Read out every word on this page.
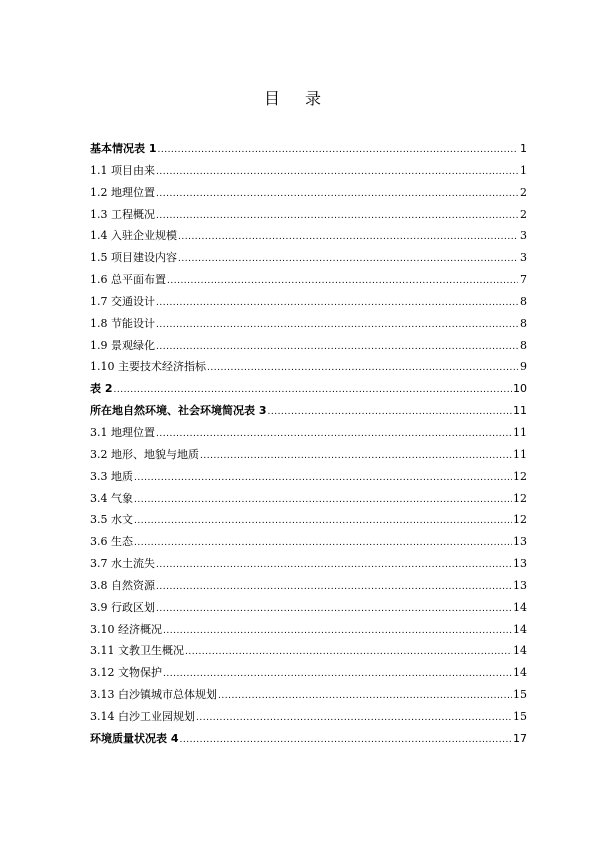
目 录
基本情况表 1 .....	1
1.1 项目由来 .....	1
1.2 地理位置 .....	2
1.3 工程概况 .....	2
1.4 入驻企业规模 .....	3
1.5 项目建设内容 .....	3
1.6 总平面布置 .....	7
1.7 交通设计 .....	8
1.8 节能设计 .....	8
1.9 景观绿化 .....	8
1.10 主要技术经济指标 .....	9
表 2 .....	10
所在地自然环境、社会环境简况表 3 .....	11
3.1 地理位置 .....	11
3.2 地形、地貌与地质 .....	11
3.3 地质 .....	12
3.4 气象 .....	12
3.5 水文 .....	12
3.6 生态 .....	13
3.7 水土流失 .....	13
3.8 自然资源 .....	13
3.9 行政区划 .....	14
3.10 经济概况 .....	14
3.11 文教卫生概况 .....	14
3.12 文物保护 .....	14
3.13 白沙镇城市总体规划 .....	15
3.14 白沙工业园规划 .....	15
环境质量状况表 4 .....	17
